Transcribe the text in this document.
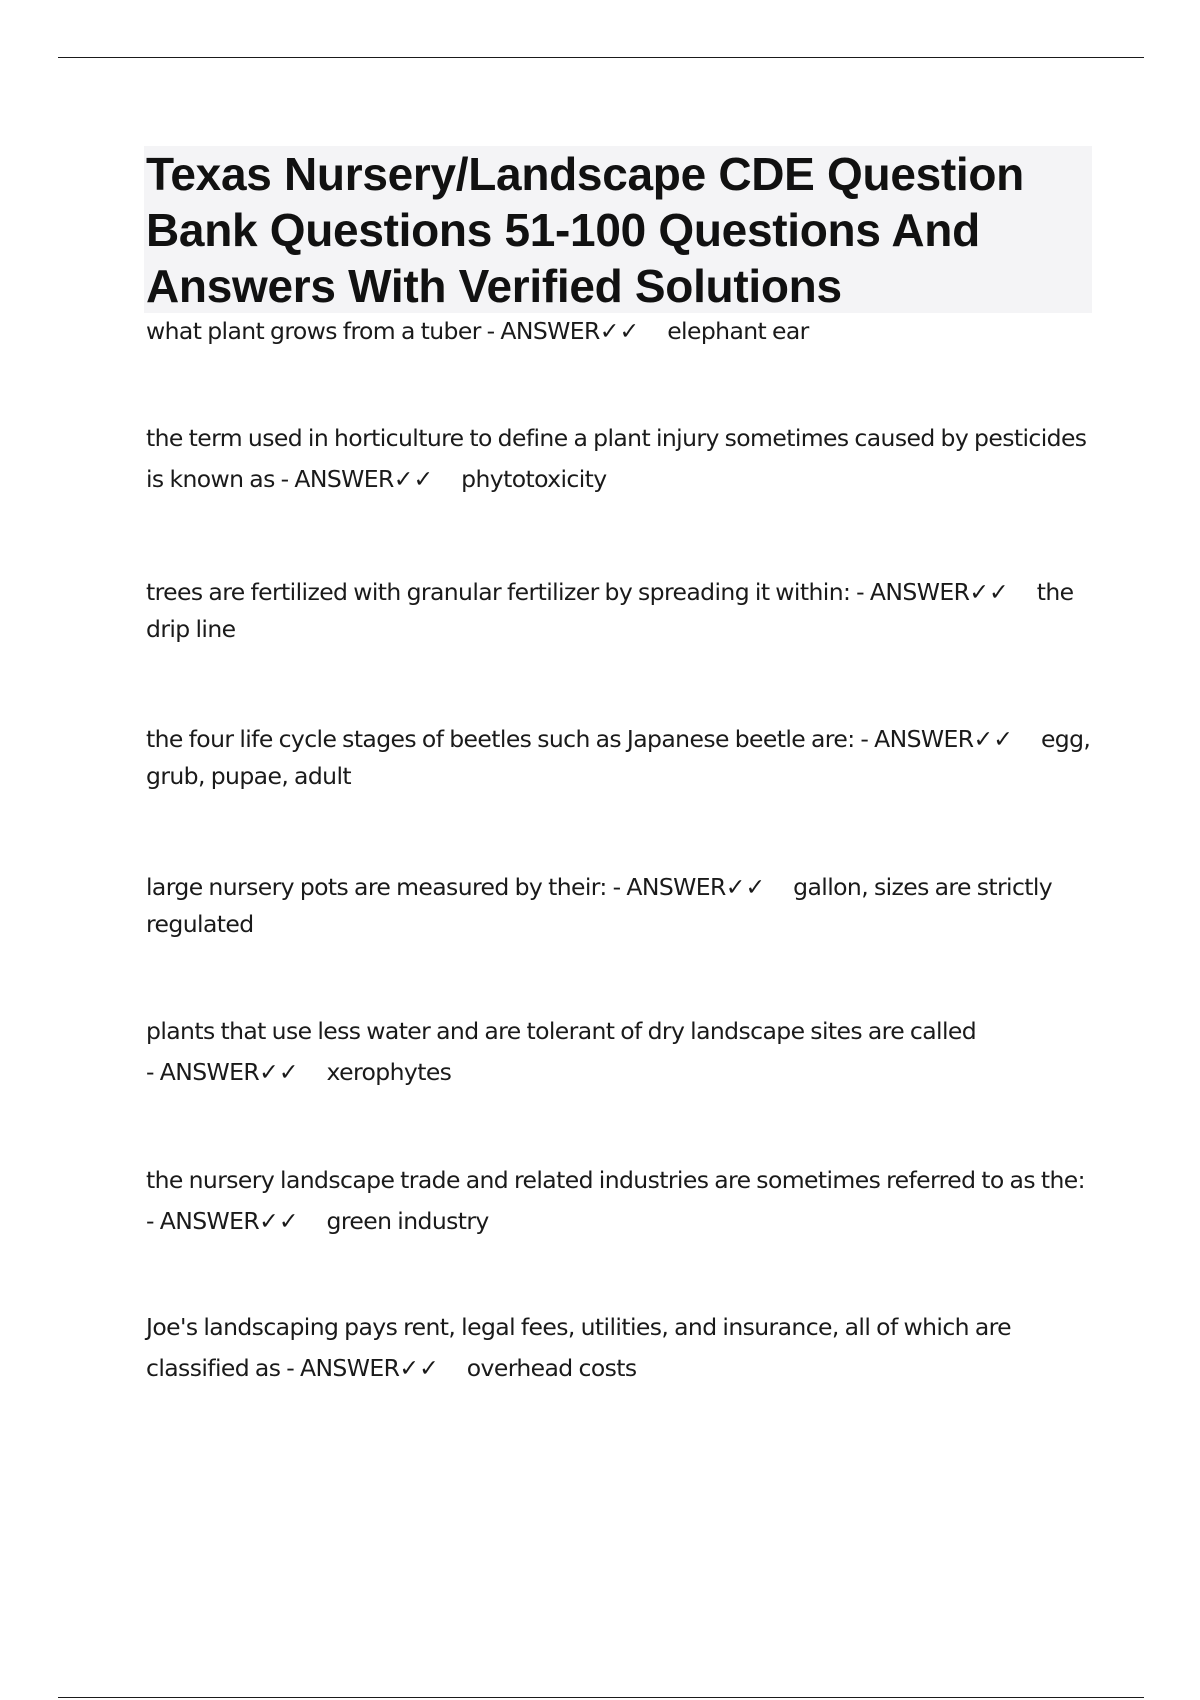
Texas Nursery/Landscape CDE Question Bank Questions 51-100 Questions And Answers With Verified Solutions

what plant grows from a tuber - ANSWER✓✓ elephant ear

the term used in horticulture to define a plant injury sometimes caused by pesticides is known as - ANSWER✓✓ phytotoxicity

trees are fertilized with granular fertilizer by spreading it within: - ANSWER✓✓ the drip line

the four life cycle stages of beetles such as Japanese beetle are: - ANSWER✓✓ egg, grub, pupae, adult

large nursery pots are measured by their: - ANSWER✓✓ gallon, sizes are strictly regulated

plants that use less water and are tolerant of dry landscape sites are called - ANSWER✓✓ xerophytes

the nursery landscape trade and related industries are sometimes referred to as the: - ANSWER✓✓ green industry

Joe's landscaping pays rent, legal fees, utilities, and insurance, all of which are classified as - ANSWER✓✓ overhead costs
